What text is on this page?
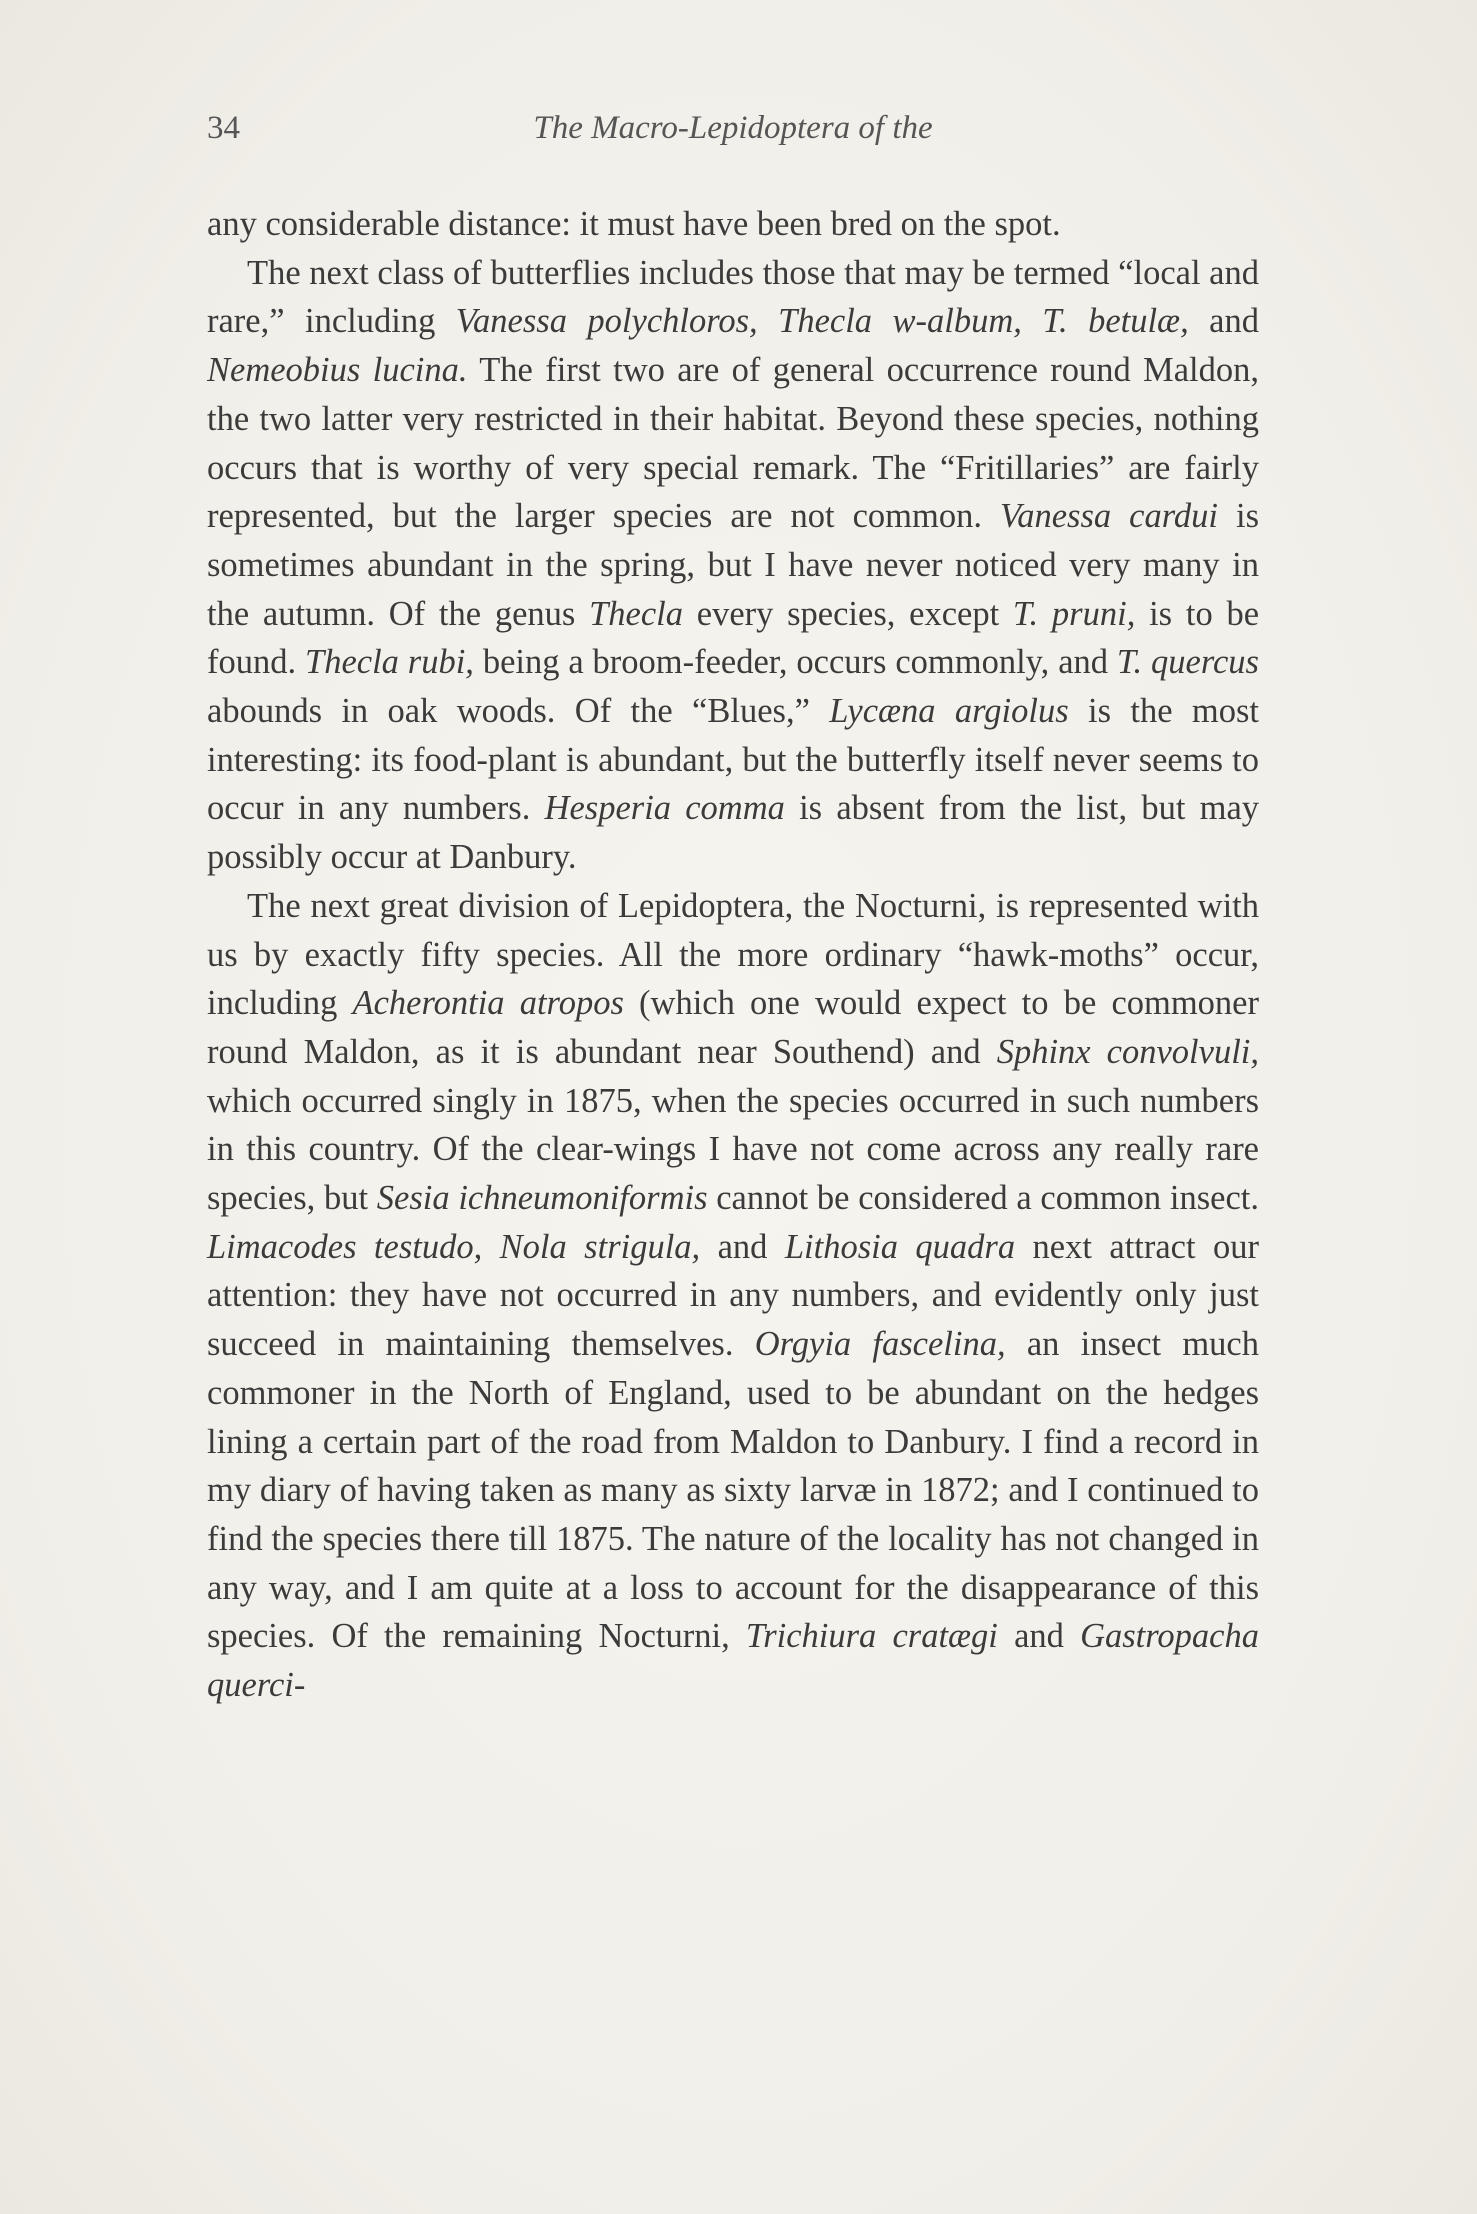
34	The Macro-Lepidoptera of the

any considerable distance: it must have been bred on the spot.

The next class of butterflies includes those that may be termed “local and rare,” including Vanessa polychloros, Thecla w-album, T. betulæ, and Nemeobius lucina. The first two are of general occurrence round Maldon, the two latter very restricted in their habitat. Beyond these species, nothing occurs that is worthy of very special remark. The “Fritillaries” are fairly represented, but the larger species are not common. Vanessa cardui is sometimes abundant in the spring, but I have never noticed very many in the autumn. Of the genus Thecla every species, except T. pruni, is to be found. Thecla rubi, being a broom-feeder, occurs commonly, and T. quercus abounds in oak woods. Of the “Blues,” Lycæna argiolus is the most interesting: its food-plant is abundant, but the butterfly itself never seems to occur in any numbers. Hesperia comma is absent from the list, but may possibly occur at Danbury.

The next great division of Lepidoptera, the Nocturni, is represented with us by exactly fifty species. All the more ordinary “hawk-moths” occur, including Acherontia atropos (which one would expect to be commoner round Maldon, as it is abundant near Southend) and Sphinx convolvuli, which occurred singly in 1875, when the species occurred in such numbers in this country. Of the clear-wings I have not come across any really rare species, but Sesia ichneumoniformis cannot be considered a common insect. Limacodes testudo, Nola strigula, and Lithosia quadra next attract our attention: they have not occurred in any numbers, and evidently only just succeed in maintaining themselves. Orgyia fascelina, an insect much commoner in the North of England, used to be abundant on the hedges lining a certain part of the road from Maldon to Danbury. I find a record in my diary of having taken as many as sixty larvæ in 1872; and I continued to find the species there till 1875. The nature of the locality has not changed in any way, and I am quite at a loss to account for the disappearance of this species. Of the remaining Nocturni, Trichiura cratægi and Gastropacha querci-
